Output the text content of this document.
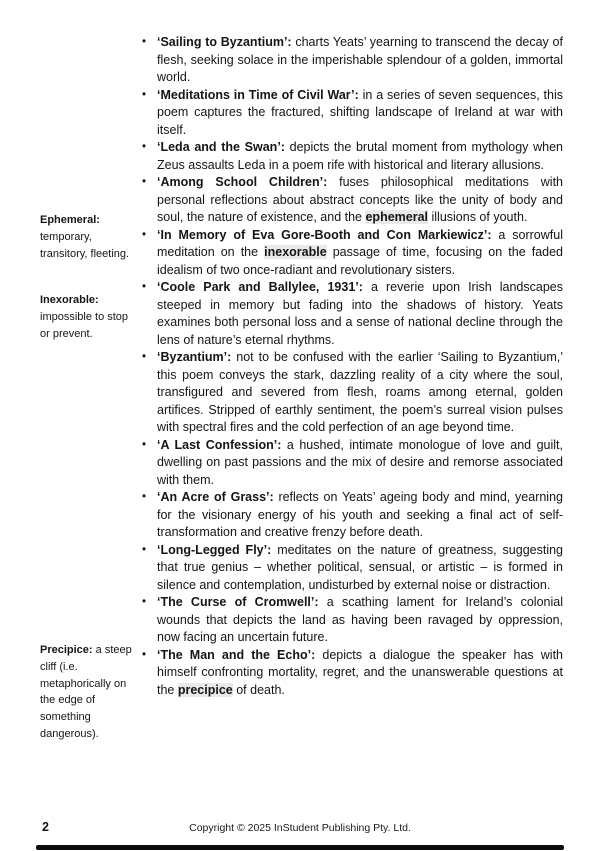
Ephemeral:
temporary, transitory, fleeting.
Inexorable:
impossible to stop or prevent.
Precipice: a steep cliff (i.e. metaphorically on the edge of something dangerous).
• ‘Sailing to Byzantium’: charts Yeats’ yearning to transcend the decay of flesh, seeking solace in the imperishable splendour of a golden, immortal world.
• ‘Meditations in Time of Civil War’: in a series of seven sequences, this poem captures the fractured, shifting landscape of Ireland at war with itself.
• ‘Leda and the Swan’: depicts the brutal moment from mythology when Zeus assaults Leda in a poem rife with historical and literary allusions.
• ‘Among School Children’: fuses philosophical meditations with personal reflections about abstract concepts like the unity of body and soul, the nature of existence, and the ephemeral illusions of youth.
• ‘In Memory of Eva Gore-Booth and Con Markiewicz’: a sorrowful meditation on the inexorable passage of time, focusing on the faded idealism of two once-radiant and revolutionary sisters.
• ‘Coole Park and Ballylee, 1931’: a reverie upon Irish landscapes steeped in memory but fading into the shadows of history. Yeats examines both personal loss and a sense of national decline through the lens of nature’s eternal rhythms.
• ‘Byzantium’: not to be confused with the earlier ‘Sailing to Byzantium,’ this poem conveys the stark, dazzling reality of a city where the soul, transfigured and severed from flesh, roams among eternal, golden artifices. Stripped of earthly sentiment, the poem’s surreal vision pulses with spectral fires and the cold perfection of an age beyond time.
• ‘A Last Confession’: a hushed, intimate monologue of love and guilt, dwelling on past passions and the mix of desire and remorse associated with them.
• ‘An Acre of Grass’: reflects on Yeats’ ageing body and mind, yearning for the visionary energy of his youth and seeking a final act of self-transformation and creative frenzy before death.
• ‘Long-Legged Fly’: meditates on the nature of greatness, suggesting that true genius – whether political, sensual, or artistic – is formed in silence and contemplation, undisturbed by external noise or distraction.
• ‘The Curse of Cromwell’: a scathing lament for Ireland’s colonial wounds that depicts the land as having been ravaged by oppression, now facing an uncertain future.
• ‘The Man and the Echo’: depicts a dialogue the speaker has with himself confronting mortality, regret, and the unanswerable questions at the precipice of death.
2	Copyright © 2025 InStudent Publishing Pty. Ltd.
